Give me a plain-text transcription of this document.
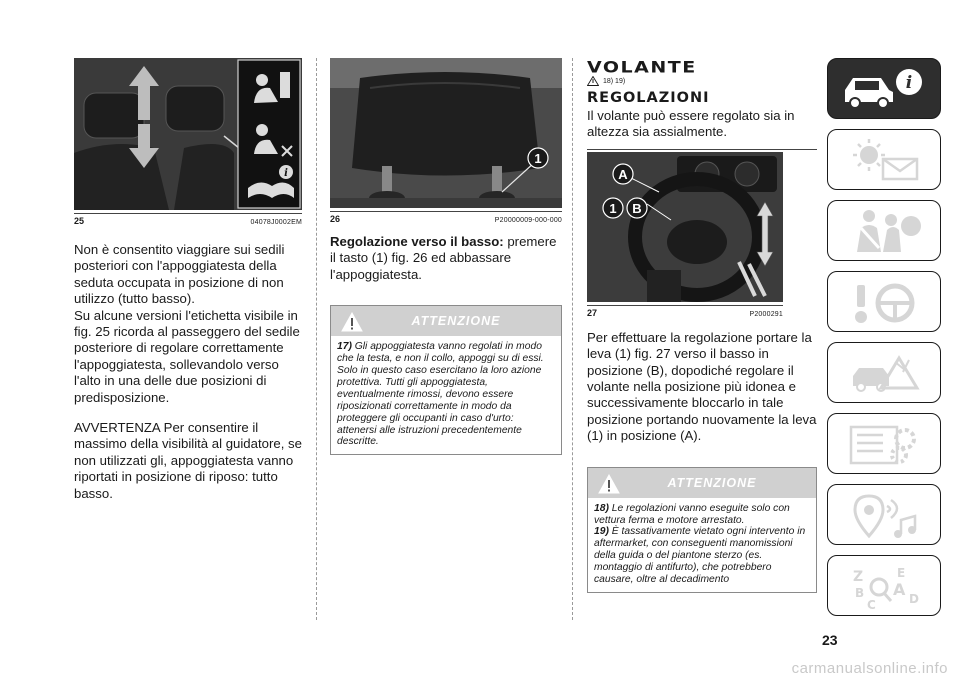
i
25	04078J0002EM

Non è consentito viaggiare sui sedili posteriori con l'appoggiatesta della seduta occupata in posizione di non utilizzo (tutto basso).

Su alcune versioni l'etichetta visibile in fig. 25 ricorda al passeggero del sedile posteriore di regolare correttamente l'appoggiatesta, sollevandolo verso l'alto in una delle due posizioni di predisposizione.

AVVERTENZA Per consentire il massimo della visibilità al guidatore, se non utilizzati gli, appoggiatesta vanno riportati in posizione di riposo: tutto basso.

1
26	P20000009-000-000
Regolazione verso il basso: premere il tasto (1) fig. 26 ed abbassare l'appoggiatesta.
ATTENZIONE

17) Gli appoggiatesta vanno regolati in modo che la testa, e non il collo, appoggi su di essi. Solo in questo caso esercitano la loro azione protettiva. Tutti gli appoggiatesta, eventualmente rimossi, devono essere riposizionati correttamente in modo da proteggere gli occupanti in caso d'urto: attenersi alle istruzioni precedentemente descritte.

VOLANTE
18) 19)
REGOLAZIONI
Il volante può essere regolato sia in altezza sia assialmente.
A
1 B
27	P2000291
Per effettuare la regolazione portare la leva (1) fig. 27 verso il basso in posizione (B), dopodiché regolare il volante nella posizione più idonea e successivamente bloccarlo in tale posizione portando nuovamente la leva (1) in posizione (A).
ATTENZIONE

18) Le regolazioni vanno eseguite solo con vettura ferma e motore arrestato.

19) È tassativamente vietato ogni intervento in aftermarket, con conseguenti manomissioni della guida o del piantone sterzo (es. montaggio di antifurto), che potrebbero causare, oltre al decadimento

i
Z	E
B A
C	D
23
carmanualsonline.info
